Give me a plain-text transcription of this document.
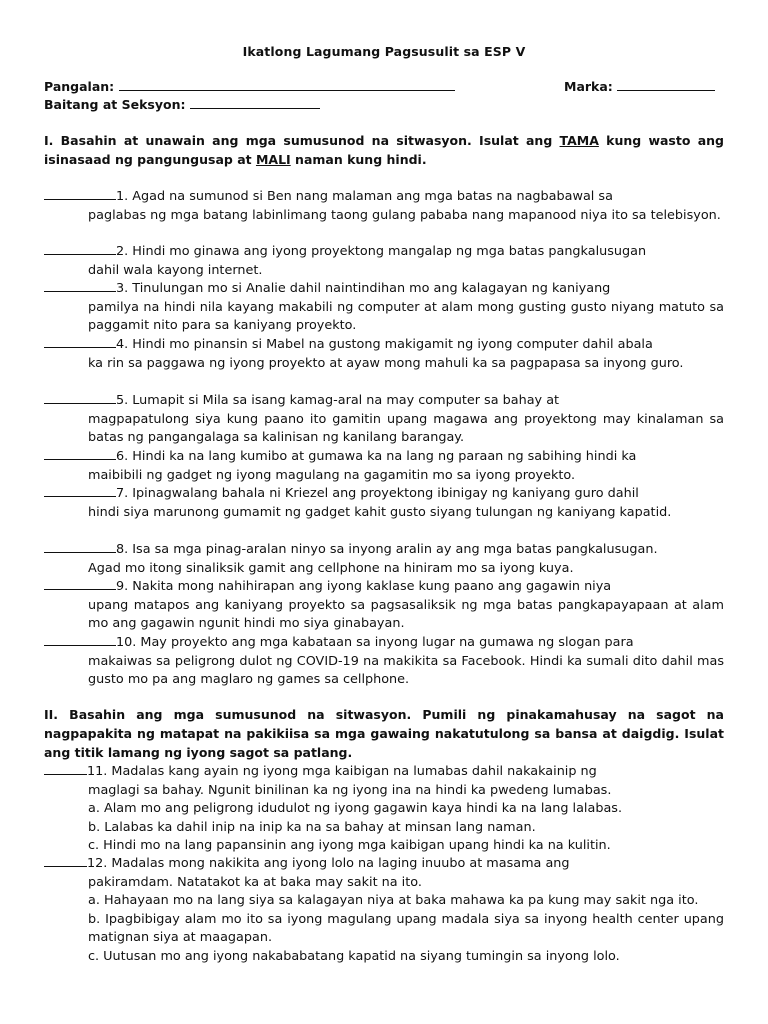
Ikatlong Lagumang Pagsusulit sa ESP V
Pangalan:	Marka:
Baitang at Seksyon:
I. Basahin at unawain ang mga sumusunod na sitwasyon. Isulat ang TAMA kung wasto ang isinasaad ng pangungusap at MALI naman kung hindi.
1. Agad na sumunod si Ben nang malaman ang mga batas na nagbabawal sa
paglabas ng mga batang labinlimang taong gulang pababa nang mapanood niya ito sa telebisyon.
2. Hindi mo ginawa ang iyong proyektong mangalap ng mga batas pangkalusugan
dahil wala kayong internet.
3. Tinulungan mo si Analie dahil naintindihan mo ang kalagayan ng kaniyang
pamilya na hindi nila kayang makabili ng computer at alam mong gusting gusto niyang matuto sa paggamit nito para sa kaniyang proyekto.
4. Hindi mo pinansin si Mabel na gustong makigamit ng iyong computer dahil abala
ka rin sa paggawa ng iyong proyekto at ayaw mong mahuli ka sa pagpapasa sa inyong guro.
5. Lumapit si Mila sa isang kamag-aral na may computer sa bahay at
magpapatulong siya kung paano ito gamitin upang magawa ang proyektong may kinalaman sa batas ng pangangalaga sa kalinisan ng kanilang barangay.
6. Hindi ka na lang kumibo at gumawa ka na lang ng paraan ng sabihing hindi ka
maibibili ng gadget ng iyong magulang na gagamitin mo sa iyong proyekto.
7. Ipinagwalang bahala ni Kriezel ang proyektong ibinigay ng kaniyang guro dahil
hindi siya marunong gumamit ng gadget kahit gusto siyang tulungan ng kaniyang kapatid.
8. Isa sa mga pinag-aralan ninyo sa inyong aralin ay ang mga batas pangkalusugan.
Agad mo itong sinaliksik gamit ang cellphone na hiniram mo sa iyong kuya.
9. Nakita mong nahihirapan ang iyong kaklase kung paano ang gagawin niya
upang matapos ang kaniyang proyekto sa pagsasaliksik ng mga batas pangkapayapaan at alam mo ang gagawin ngunit hindi mo siya ginabayan.
10. May proyekto ang mga kabataan sa inyong lugar na gumawa ng slogan para
makaiwas sa peligrong dulot ng COVID-19 na makikita sa Facebook. Hindi ka sumali dito dahil mas gusto mo pa ang maglaro ng games sa cellphone.
II. Basahin ang mga sumusunod na sitwasyon. Pumili ng pinakamahusay na sagot na nagpapakita ng matapat na pakikiisa sa mga gawaing nakatutulong sa bansa at daigdig. Isulat ang titik lamang ng iyong sagot sa patlang.
11. Madalas kang ayain ng iyong mga kaibigan na lumabas dahil nakakainip ng
maglagi sa bahay. Ngunit binilinan ka ng iyong ina na hindi ka pwedeng lumabas.
a. Alam mo ang peligrong idudulot ng iyong gagawin kaya hindi ka na lang lalabas.
b. Lalabas ka dahil inip na inip ka na sa bahay at minsan lang naman.
c. Hindi mo na lang papansinin ang iyong mga kaibigan upang hindi ka na kulitin.
12. Madalas mong nakikita ang iyong lolo na laging inuubo at masama ang
pakiramdam. Natatakot ka at baka may sakit na ito.
a. Hahayaan mo na lang siya sa kalagayan niya at baka mahawa ka pa kung may sakit nga ito.
b. Ipagbibigay alam mo ito sa iyong magulang upang madala siya sa inyong health center upang matignan siya at maagapan.
c. Uutusan mo ang iyong nakababatang kapatid na siyang tumingin sa inyong lolo.
